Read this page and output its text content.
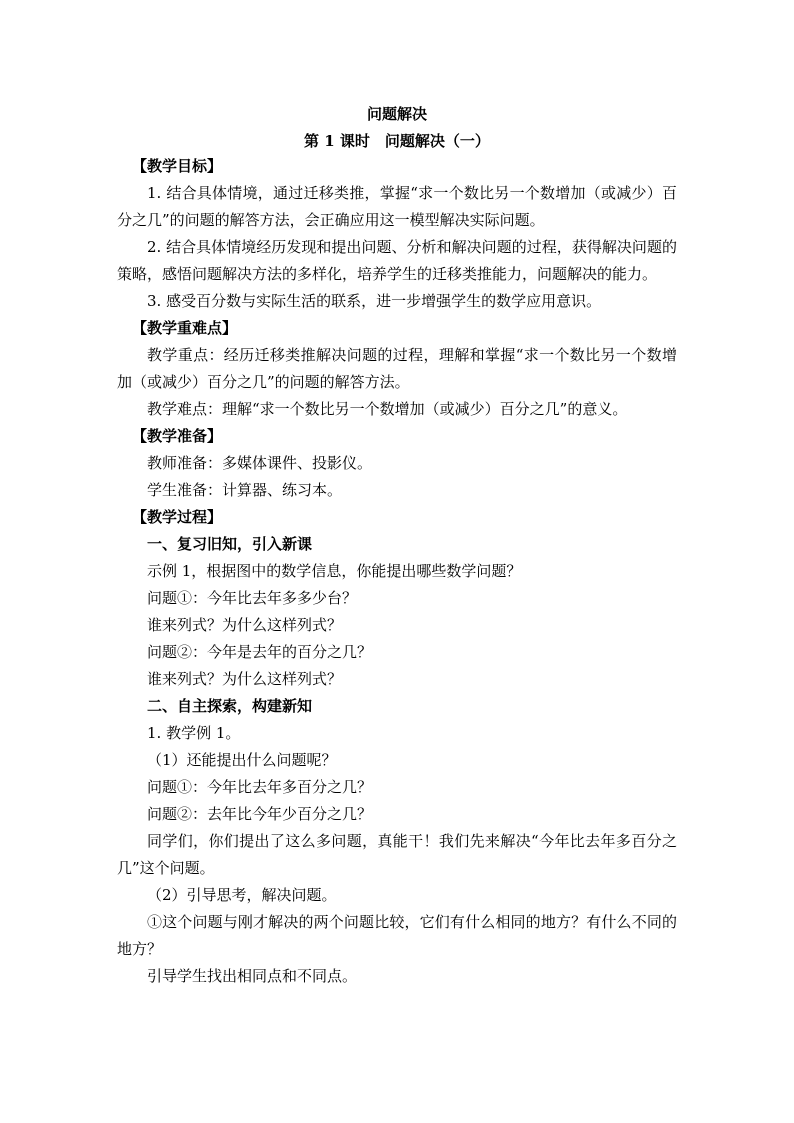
问题解决
第 1 课时　问题解决（一）

【教学目标】

1. 结合具体情境，通过迁移类推，掌握“求一个数比另一个数增加（或减少）百分之几”的问题的解答方法，会正确应用这一模型解决实际问题。

2. 结合具体情境经历发现和提出问题、分析和解决问题的过程，获得解决问题的策略，感悟问题解决方法的多样化，培养学生的迁移类推能力，问题解决的能力。

3. 感受百分数与实际生活的联系，进一步增强学生的数学应用意识。

【教学重难点】

教学重点：经历迁移类推解决问题的过程，理解和掌握“求一个数比另一个数增加（或减少）百分之几”的问题的解答方法。

教学难点：理解“求一个数比另一个数增加（或减少）百分之几”的意义。

【教学准备】

教师准备：多媒体课件、投影仪。

学生准备：计算器、练习本。

【教学过程】

一、复习旧知，引入新课

示例 1，根据图中的数学信息，你能提出哪些数学问题？

问题①：今年比去年多多少台？

谁来列式？为什么这样列式？

问题②：今年是去年的百分之几？

谁来列式？为什么这样列式？

二、自主探索，构建新知

1. 教学例 1。

（1）还能提出什么问题呢？

问题①：今年比去年多百分之几？

问题②：去年比今年少百分之几？

同学们，你们提出了这么多问题，真能干！我们先来解决“今年比去年多百分之几”这个问题。

（2）引导思考，解决问题。

①这个问题与刚才解决的两个问题比较，它们有什么相同的地方？有什么不同的地方？

引导学生找出相同点和不同点。
